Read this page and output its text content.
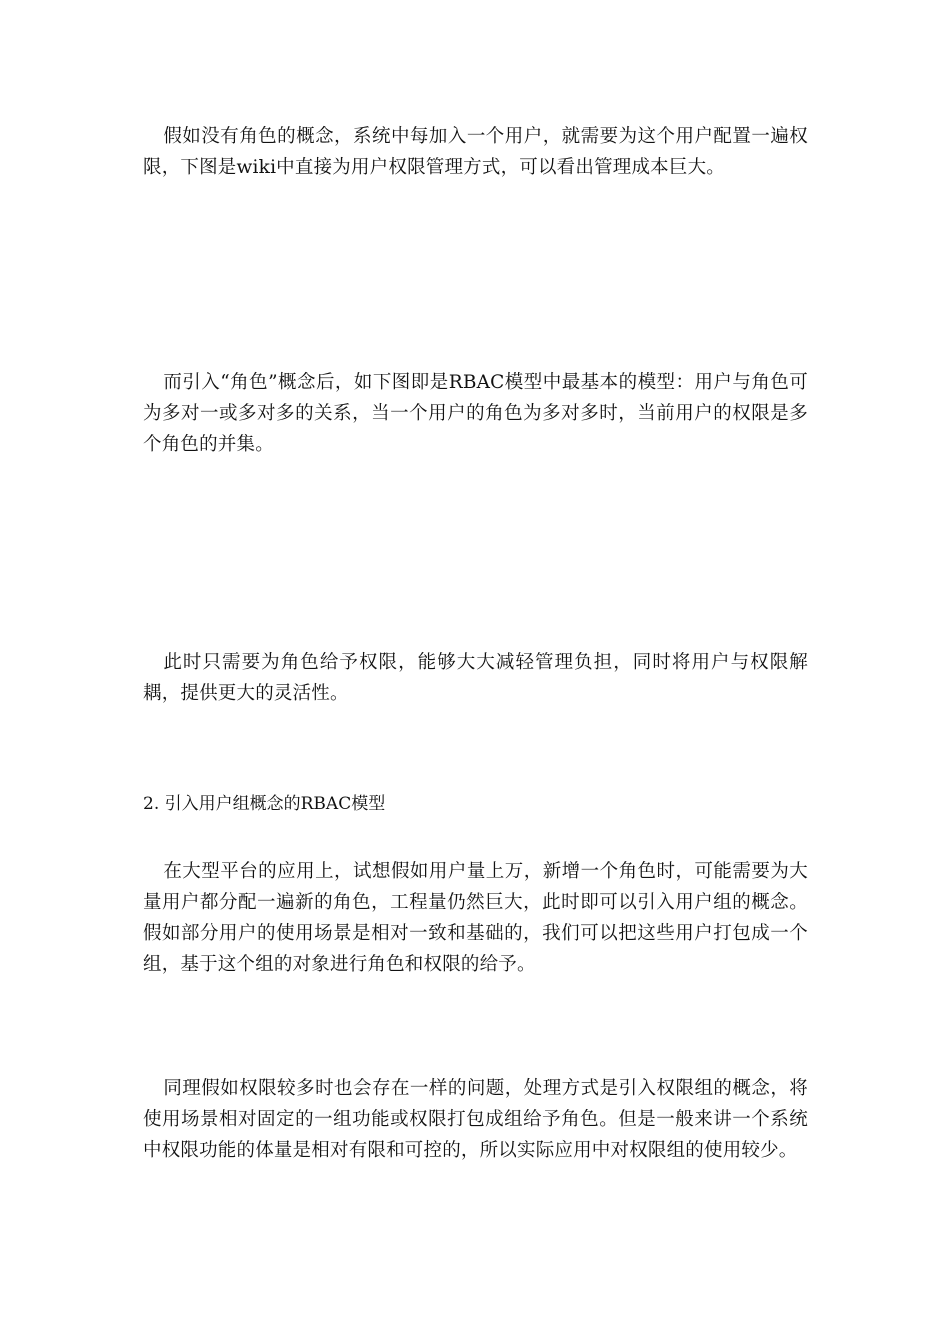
假如没有角色的概念，系统中每加入一个用户，就需要为这个用户配置一遍权限，下图是wiki中直接为用户权限管理方式，可以看出管理成本巨大。

而引入“角色”概念后，如下图即是RBAC模型中最基本的模型：用户与角色可为多对一或多对多的关系，当一个用户的角色为多对多时，当前用户的权限是多个角色的并集。

此时只需要为角色给予权限，能够大大减轻管理负担，同时将用户与权限解耦，提供更大的灵活性。

2. 引入用户组概念的RBAC模型

在大型平台的应用上，试想假如用户量上万，新增一个角色时，可能需要为大量用户都分配一遍新的角色，工程量仍然巨大，此时即可以引入用户组的概念。假如部分用户的使用场景是相对一致和基础的，我们可以把这些用户打包成一个组，基于这个组的对象进行角色和权限的给予。

同理假如权限较多时也会存在一样的问题，处理方式是引入权限组的概念，将使用场景相对固定的一组功能或权限打包成组给予角色。但是一般来讲一个系统中权限功能的体量是相对有限和可控的，所以实际应用中对权限组的使用较少。
